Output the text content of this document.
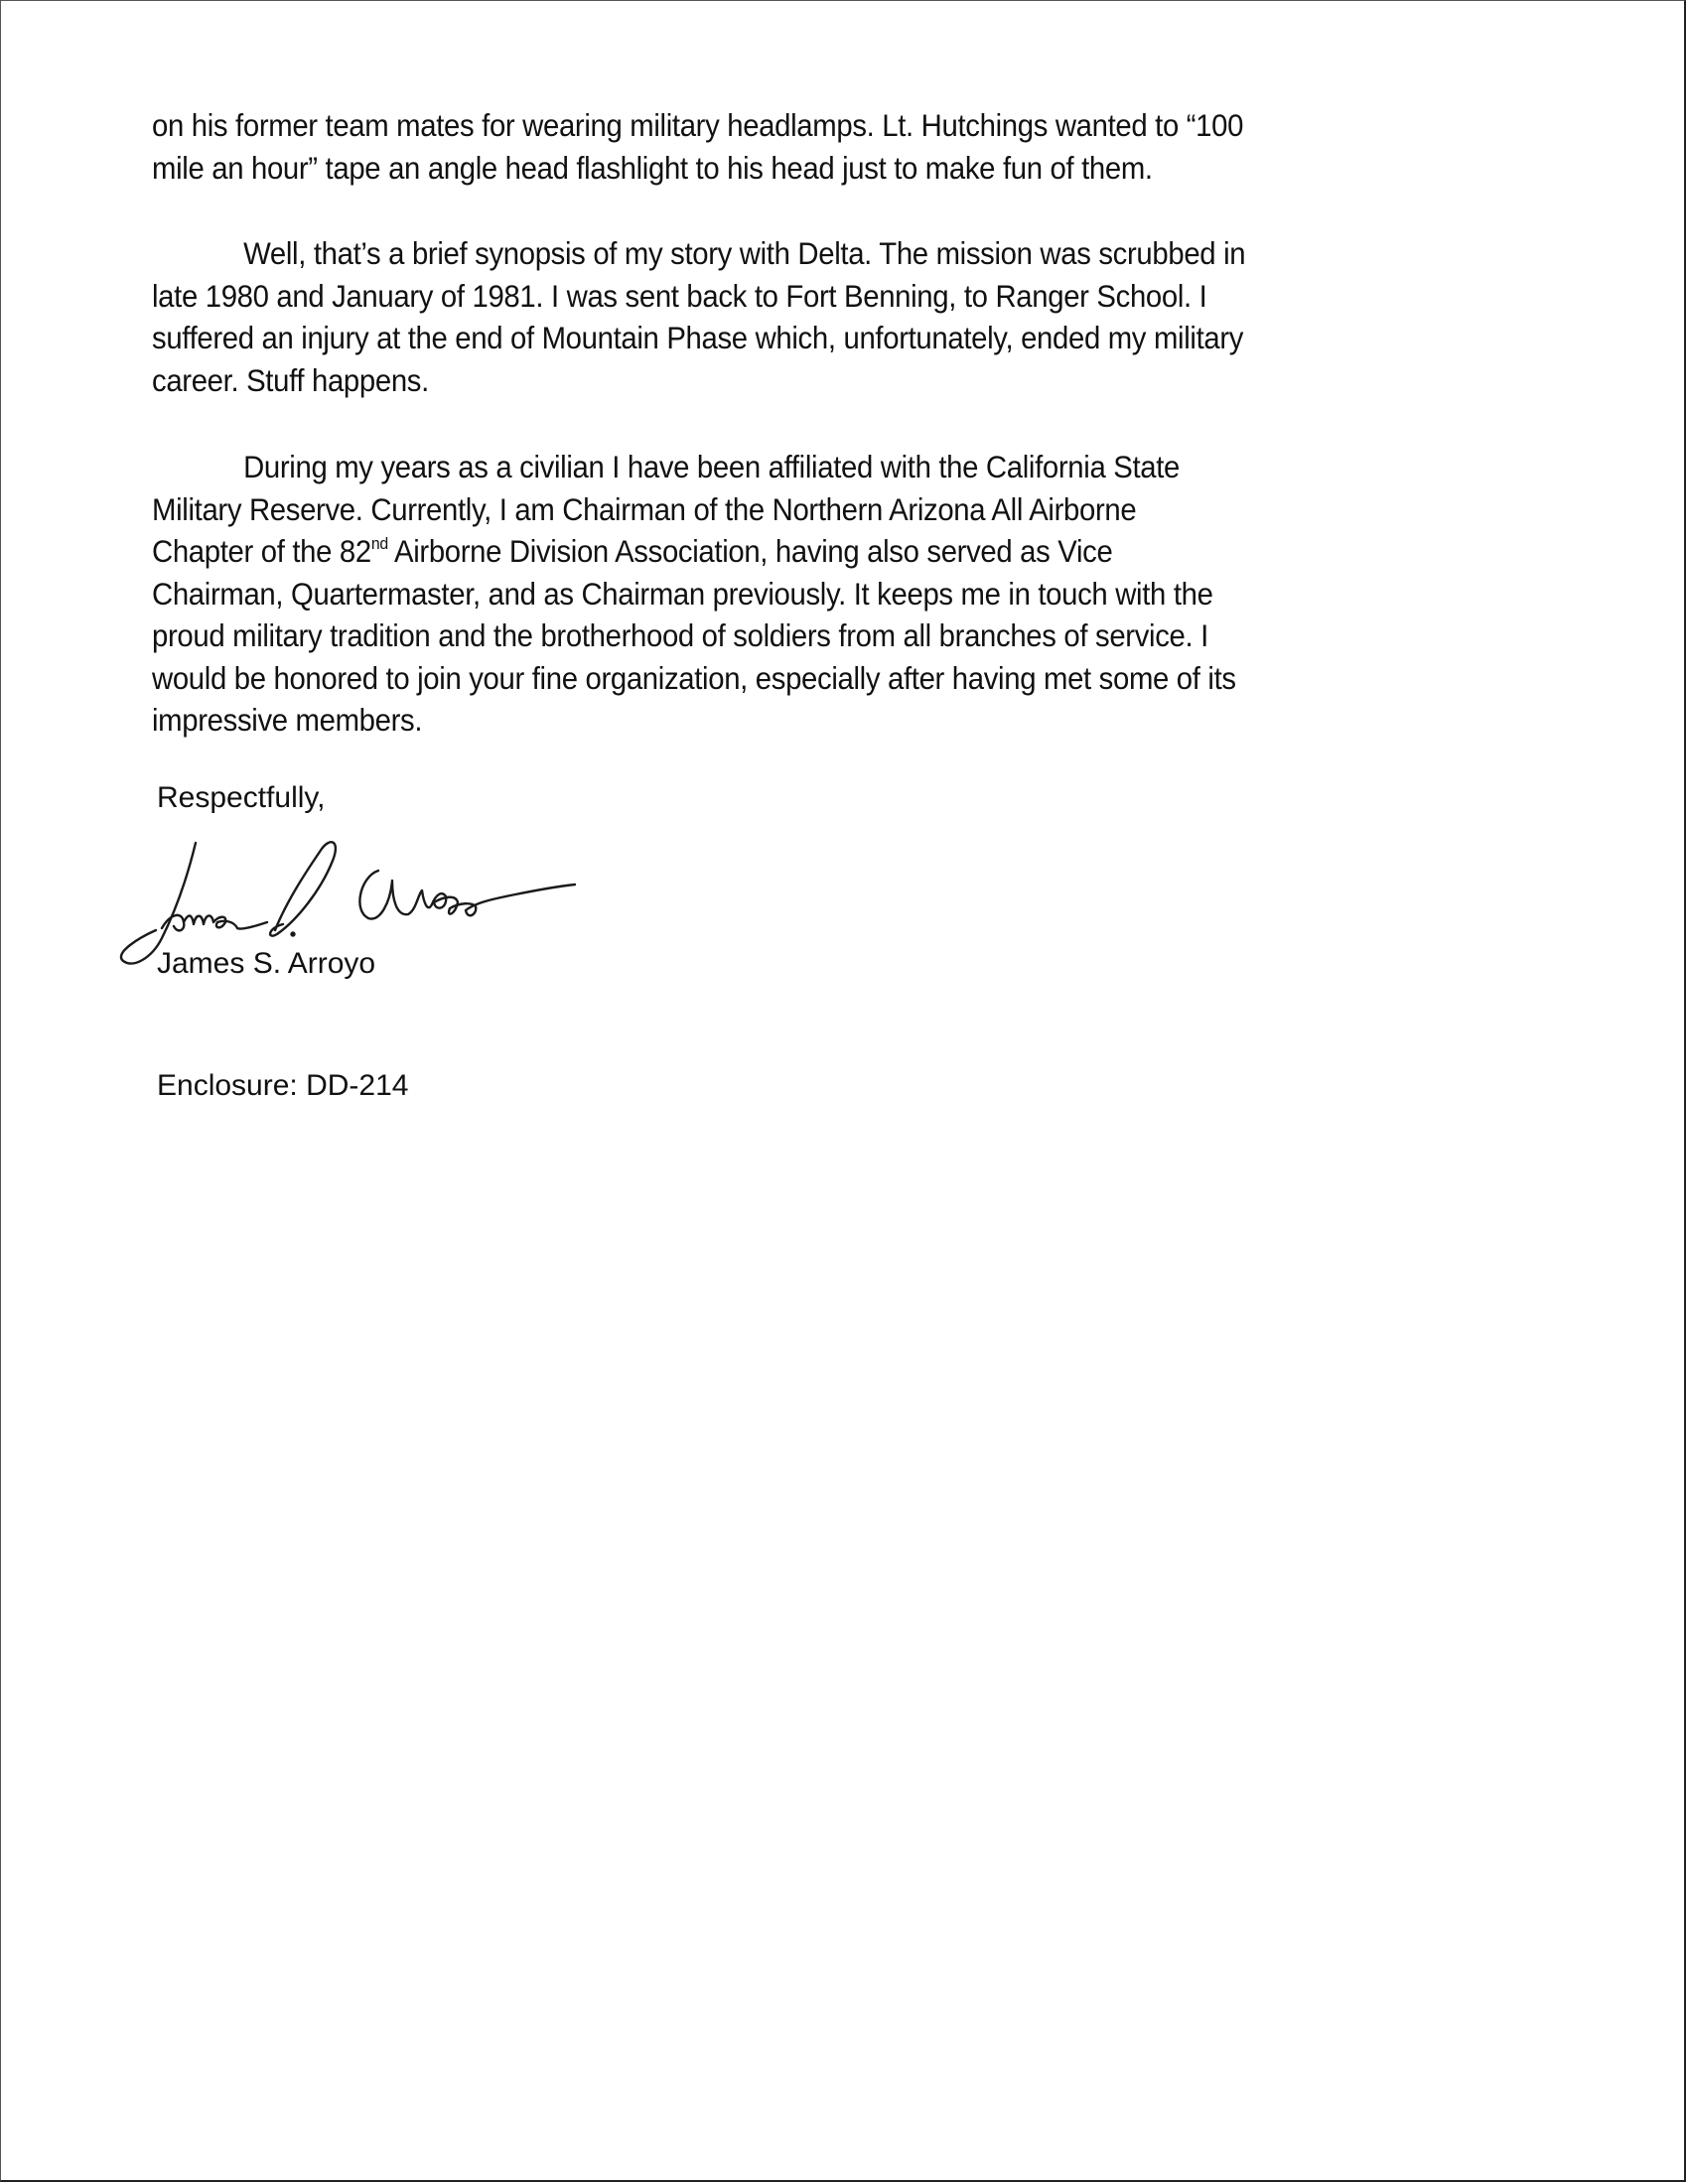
on his former team mates for wearing military headlamps. Lt. Hutchings wanted to “100
mile an hour” tape an angle head flashlight to his head just to make fun of them.
Well, that’s a brief synopsis of my story with Delta. The mission was scrubbed in
late 1980 and January of 1981. I was sent back to Fort Benning, to Ranger School. I
suffered an injury at the end of Mountain Phase which, unfortunately, ended my military
career. Stuff happens.
During my years as a civilian I have been affiliated with the California State
Military Reserve. Currently, I am Chairman of the Northern Arizona All Airborne
Chapter of the 82nd Airborne Division Association, having also served as Vice
Chairman, Quartermaster, and as Chairman previously. It keeps me in touch with the
proud military tradition and the brotherhood of soldiers from all branches of service. I
would be honored to join your fine organization, especially after having met some of its
impressive members.
Respectfully,
James S. Arroyo
Enclosure: DD-214
